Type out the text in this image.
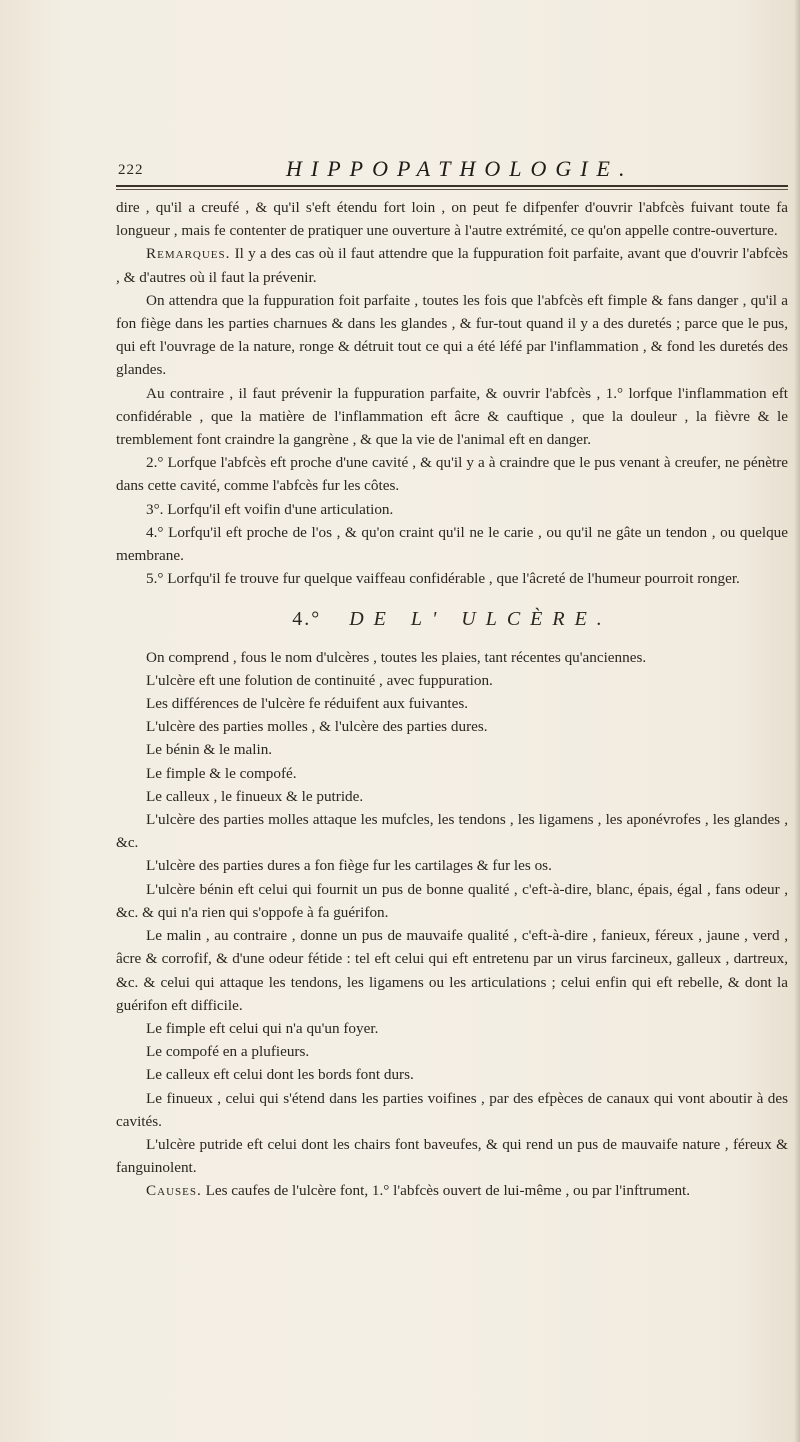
222	HIPPOPATHOLOGIE.

dire , qu'il a creufé , & qu'il s'eft étendu fort loin , on peut fe difpenfer d'ouvrir l'abfcès fuivant toute fa longueur , mais fe contenter de pratiquer une ouverture à l'autre extrémité, ce qu'on appelle contre-ouverture.

Remarques. Il y a des cas où il faut attendre que la fuppuration foit parfaite, avant que d'ouvrir l'abfcès , & d'autres où il faut la prévenir.

On attendra que la fuppuration foit parfaite , toutes les fois que l'abfcès eft fimple & fans danger , qu'il a fon fiège dans les parties charnues & dans les glandes , & fur-tout quand il y a des duretés ; parce que le pus, qui eft l'ouvrage de la nature, ronge & détruit tout ce qui a été léfé par l'inflammation , & fond les duretés des glandes.

Au contraire , il faut prévenir la fuppuration parfaite, & ouvrir l'abfcès , 1.° lorfque l'inflammation eft confidérable , que la matière de l'inflammation eft âcre & cauftique , que la douleur , la fièvre & le tremblement font craindre la gangrène , & que la vie de l'animal eft en danger.

2.° Lorfque l'abfcès eft proche d'une cavité , & qu'il y a à craindre que le pus venant à creufer, ne pénètre dans cette cavité, comme l'abfcès fur les côtes.

3°. Lorfqu'il eft voifin d'une articulation.

4.° Lorfqu'il eft proche de l'os , & qu'on craint qu'il ne le carie , ou qu'il ne gâte un tendon , ou quelque membrane.

5.° Lorfqu'il fe trouve fur quelque vaiffeau confidérable , que l'âcreté de l'humeur pourroit ronger.

4.° DE L' ULCÈRE.

On comprend , fous le nom d'ulcères , toutes les plaies, tant récentes qu'anciennes.

L'ulcère eft une folution de continuité , avec fuppuration.

Les différences de l'ulcère fe réduifent aux fuivantes.

L'ulcère des parties molles , & l'ulcère des parties dures.

Le bénin & le malin.

Le fimple & le compofé.

Le calleux , le finueux & le putride.

L'ulcère des parties molles attaque les mufcles, les tendons , les ligamens , les aponévrofes , les glandes , &c.

L'ulcère des parties dures a fon fiège fur les cartilages & fur les os.

L'ulcère bénin eft celui qui fournit un pus de bonne qualité , c'eft-à-dire, blanc, épais, égal , fans odeur , &c. & qui n'a rien qui s'oppofe à fa guérifon.

Le malin , au contraire , donne un pus de mauvaife qualité , c'eft-à-dire , fanieux, féreux , jaune , verd , âcre & corrofif, & d'une odeur fétide : tel eft celui qui eft entretenu par un virus farcineux, galleux , dartreux, &c. & celui qui attaque les tendons, les ligamens ou les articulations ; celui enfin qui eft rebelle, & dont la guérifon eft difficile.

Le fimple eft celui qui n'a qu'un foyer.

Le compofé en a plufieurs.

Le calleux eft celui dont les bords font durs.

Le finueux , celui qui s'étend dans les parties voifines , par des efpèces de canaux qui vont aboutir à des cavités.

L'ulcère putride eft celui dont les chairs font baveufes, & qui rend un pus de mauvaife nature , féreux & fanguinolent.

Causes. Les caufes de l'ulcère font, 1.° l'abfcès ouvert de lui-même , ou par l'inftrument.
